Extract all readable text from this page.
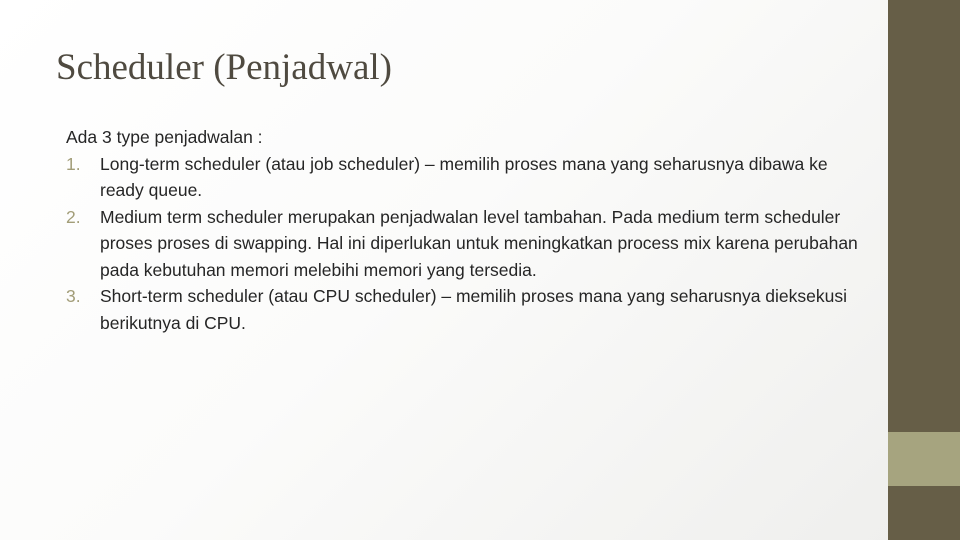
Scheduler (Penjadwal)

Ada 3 type penjadwalan :

1. Long-term scheduler (atau job scheduler) – memilih proses mana yang seharusnya dibawa ke ready queue.
2. Medium term scheduler merupakan penjadwalan level tambahan. Pada medium term scheduler proses proses di swapping. Hal ini diperlukan untuk meningkatkan process mix karena perubahan pada kebutuhan memori melebihi memori yang tersedia.
3. Short-term scheduler (atau CPU scheduler) – memilih proses mana yang seharusnya dieksekusi berikutnya di CPU.
